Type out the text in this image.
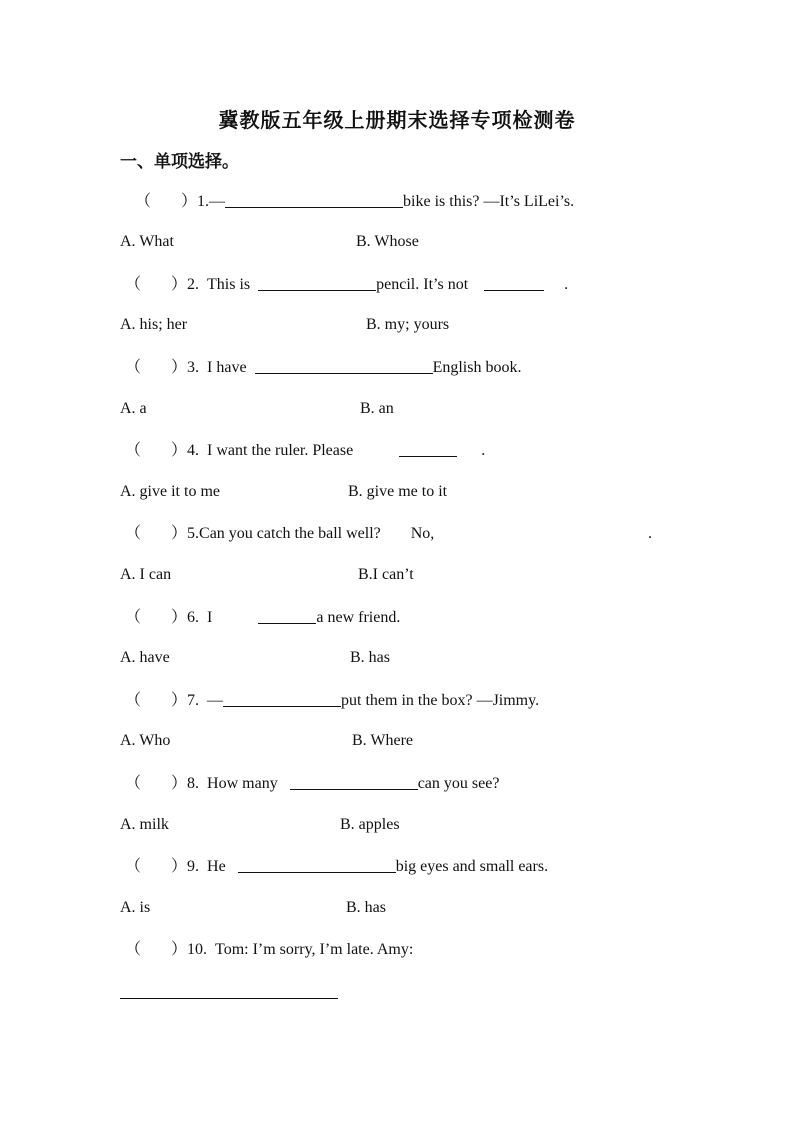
冀教版五年级上册期末选择专项检测卷
一、单项选择。
（ ）1.—	bike is this? —It’s LiLei’s.
A. What	B. Whose
（ ）2. This is	pencil. It’s not	.
A. his; her	B. my; yours
（ ）3. I have	English book.
A. a	B. an
（ ）4. I want the ruler. Please	.
A. give it to me	B. give me to it
（ ）5.Can you catch the ball well? No,	.
A. I can	B.I can’t
（ ）6. I	a new friend.
A. have	B. has
（ ）7. —	put them in the box? —Jimmy.
A. Who	B. Where
（ ）8. How many	can you see?
A. milk	B. apples
（ ）9. He	big eyes and small ears.
A. is	B. has
（ ）10. Tom: I’m sorry, I’m late. Amy:
